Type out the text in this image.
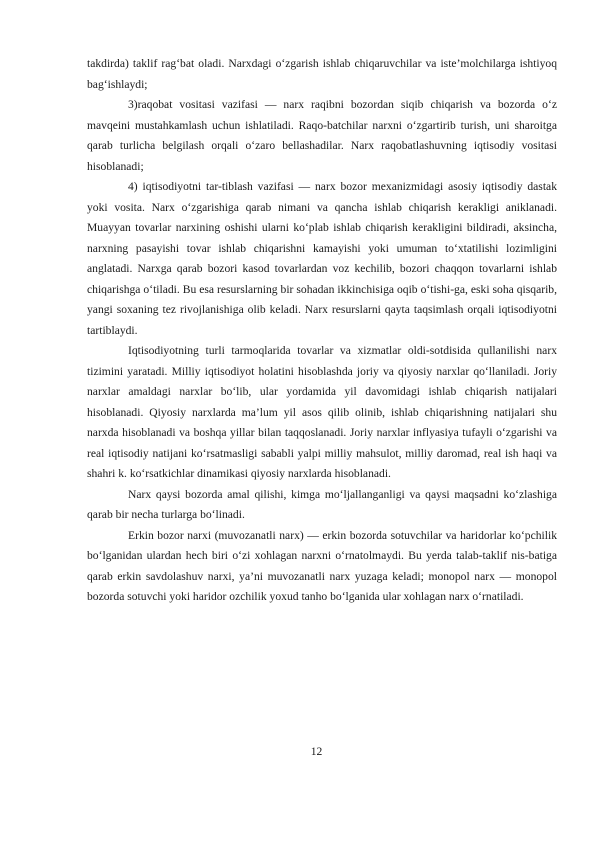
takdirda) taklif rag‘bat oladi. Narxdagi o‘zgarish ishlab chiqaruvchilar va iste’molchilarga ishtiyoq bag‘ishlaydi;

3)raqobat vositasi vazifasi — narx raqibni bozordan siqib chiqarish va bozorda o‘z mavqeini mustahkamlash uchun ishlatiladi. Raqo-batchilar narxni o‘zgartirib turish, uni sharoitga qarab turlicha belgilash orqali o‘zaro bellashadilar. Narx raqobatlashuvning iqtisodiy vositasi hisoblanadi;

4) iqtisodiyotni tar-tiblash vazifasi — narx bozor mexanizmidagi asosiy iqtisodiy dastak yoki vosita. Narx o‘zgarishiga qarab nimani va qancha ishlab chiqarish kerakligi aniklanadi. Muayyan tovarlar narxining oshishi ularni ko‘plab ishlab chiqarish kerakligini bildiradi, aksincha, narxning pasayishi tovar ishlab chiqarishni kamayishi yoki umuman to‘xtatilishi lozimligini anglatadi. Narxga qarab bozori kasod tovarlardan voz kechilib, bozori chaqqon tovarlarni ishlab chiqarishga o‘tiladi. Bu esa resurslarning bir sohadan ikkinchisiga oqib o‘tishi-ga, eski soha qisqarib, yangi soxaning tez rivojlanishiga olib keladi. Narx resurslarni qayta taqsimlash orqali iqtisodiyotni tartiblaydi.

Iqtisodiyotning turli tarmoqlarida tovarlar va xizmatlar oldi-sotdisida qullanilishi narx tizimini yaratadi. Milliy iqtisodiyot holatini hisoblashda joriy va qiyosiy narxlar qo‘llaniladi. Joriy narxlar amaldagi narxlar bo‘lib, ular yordamida yil davomidagi ishlab chiqarish natijalari hisoblanadi. Qiyosiy narxlarda ma’lum yil asos qilib olinib, ishlab chiqarishning natijalari shu narxda hisoblanadi va boshqa yillar bilan taqqoslanadi. Joriy narxlar inflyasiya tufayli o‘zgarishi va real iqtisodiy natijani ko‘rsatmasligi sababli yalpi milliy mahsulot, milliy daromad, real ish haqi va shahri k. ko‘rsatkichlar dinamikasi qiyosiy narxlarda hisoblanadi.

Narx qaysi bozorda amal qilishi, kimga mo‘ljallanganligi va qaysi maqsadni ko‘zlashiga qarab bir necha turlarga bo‘linadi.

Erkin bozor narxi (muvozanatli narx) — erkin bozorda sotuvchilar va haridorlar ko‘pchilik bo‘lganidan ulardan hech biri o‘zi xohlagan narxni o‘rnatolmaydi. Bu yerda talab-taklif nis-batiga qarab erkin savdolashuv narxi, ya’ni muvozanatli narx yuzaga keladi; monopol narx — monopol bozorda sotuvchi yoki haridor ozchilik yoxud tanho bo‘lganida ular xohlagan narx o‘rnatiladi.

12
